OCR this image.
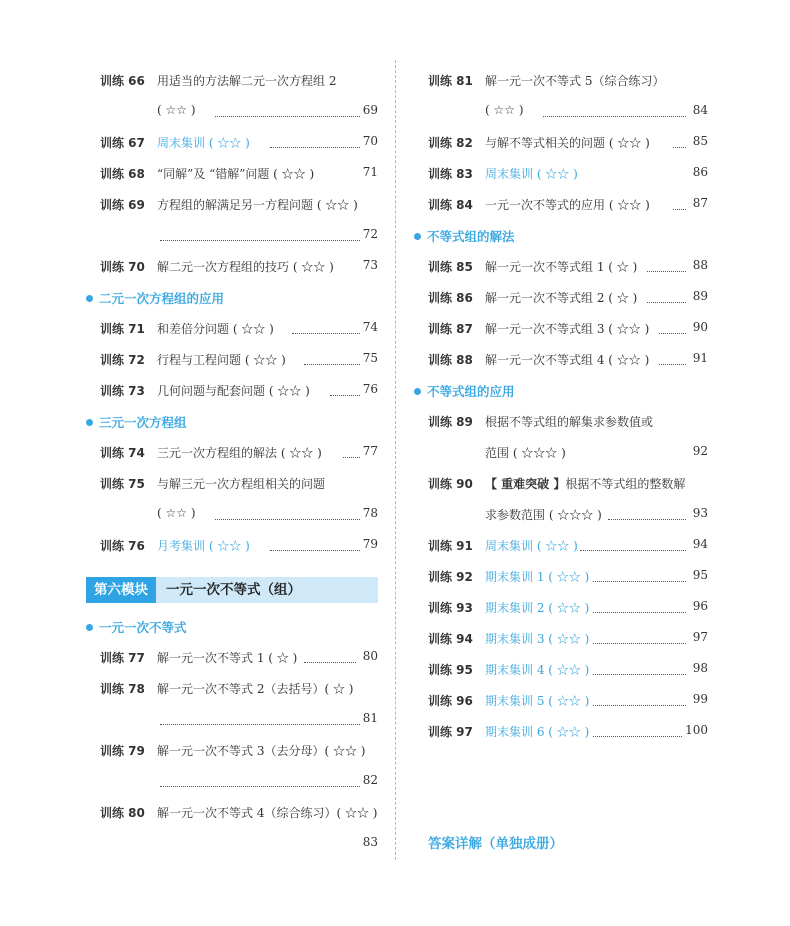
训练 66 用适当的方法解二元一次方程组 2
( ☆☆ )	69
训练 67 周末集训 ( ☆☆ )	70
训练 68 “同解”及 “错解”问题 ( ☆☆ )	71
训练 69 方程组的解满足另一方程问题 ( ☆☆ )
72
训练 70 解二元一次方程组的技巧 ( ☆☆ ) 73
二元一次方程组的应用
训练 71 和差倍分问题 ( ☆☆ )	74
训练 72 行程与工程问题 ( ☆☆ )	75
训练 73 几何问题与配套问题 ( ☆☆ )	76
三元一次方程组
训练 74 三元一次方程组的解法 ( ☆☆ )	77
训练 75 与解三元一次方程组相关的问题
( ☆☆ )	78
训练 76 月考集训 ( ☆☆ )	79
第六模块	一元一次不等式（组）
一元一次不等式
训练 77 解一元一次不等式 1 ( ☆ )	80
训练 78 解一元一次不等式 2（去括号）( ☆ )
81
训练 79 解一元一次不等式 3（去分母）( ☆☆ )
82
训练 80 解一元一次不等式 4（综合练习）( ☆☆ )
83
训练 81 解一元一次不等式 5（综合练习）
( ☆☆ )	84
训练 82 与解不等式相关的问题 ( ☆☆ )	85
训练 83 周末集训 ( ☆☆ )	86
训练 84 一元一次不等式的应用 ( ☆☆ )	87
不等式组的解法
训练 85 解一元一次不等式组 1 ( ☆ )	88
训练 86 解一元一次不等式组 2 ( ☆ )	89
训练 87 解一元一次不等式组 3 ( ☆☆ )	90
训练 88 解一元一次不等式组 4 ( ☆☆ )	91
不等式组的应用
训练 89 根据不等式组的解集求参数值或
范围 ( ☆☆☆ )	92
训练 90 【 重难突破 】根据不等式组的整数解
求参数范围 ( ☆☆☆ )	93
训练 91 周末集训 ( ☆☆ )	94
训练 92 期末集训 1 ( ☆☆ )	95
训练 93 期末集训 2 ( ☆☆ )	96
训练 94 期末集训 3 ( ☆☆ )	97
训练 95 期末集训 4 ( ☆☆ )	98
训练 96 期末集训 5 ( ☆☆ )	99
训练 97 期末集训 6 ( ☆☆ )	100
答案详解（单独成册）
